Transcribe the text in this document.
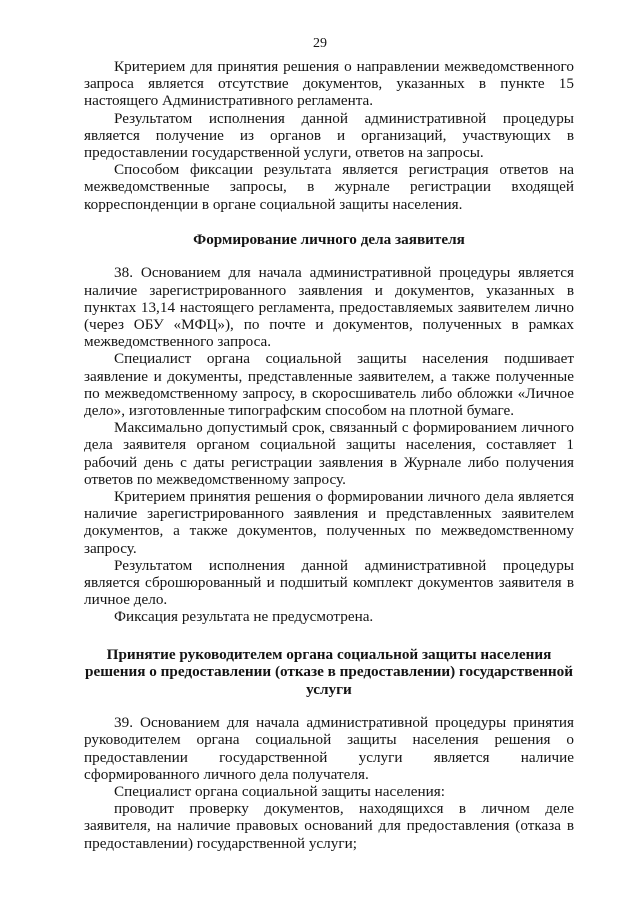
29

Критерием для принятия решения о направлении межведомственного запроса является отсутствие документов, указанных в пункте 15 настоящего Административного регламента.

Результатом исполнения данной административной процедуры является получение из органов и организаций, участвующих в предоставлении государственной услуги, ответов на запросы.

Способом фиксации результата является регистрация ответов на межведомственные запросы, в журнале регистрации входящей корреспонденции в органе социальной защиты населения.

Формирование личного дела заявителя

38. Основанием для начала административной процедуры является наличие зарегистрированного заявления и документов, указанных в пунктах 13,14 настоящего регламента, предоставляемых заявителем лично (через ОБУ «МФЦ»), по почте и документов, полученных в рамках межведомственного запроса.

Специалист органа социальной защиты населения подшивает заявление и документы, представленные заявителем, а также полученные по межведомственному запросу, в скоросшиватель либо обложки «Личное дело», изготовленные типографским способом на плотной бумаге.

Максимально допустимый срок, связанный с формированием личного дела заявителя органом социальной защиты населения, составляет 1 рабочий день с даты регистрации заявления в Журнале либо получения ответов по межведомственному запросу.

Критерием принятия решения о формировании личного дела является наличие зарегистрированного заявления и представленных заявителем документов, а также документов, полученных по межведомственному запросу.

Результатом исполнения данной административной процедуры является сброшюрованный и подшитый комплект документов заявителя в личное дело.

Фиксация результата не предусмотрена.

Принятие руководителем органа социальной защиты населения решения о предоставлении (отказе в предоставлении) государственной услуги

39. Основанием для начала административной процедуры принятия руководителем органа социальной защиты населения решения о предоставлении государственной услуги является наличие сформированного личного дела получателя.

Специалист органа социальной защиты населения:

проводит проверку документов, находящихся в личном деле заявителя, на наличие правовых оснований для предоставления (отказа в предоставлении) государственной услуги;
